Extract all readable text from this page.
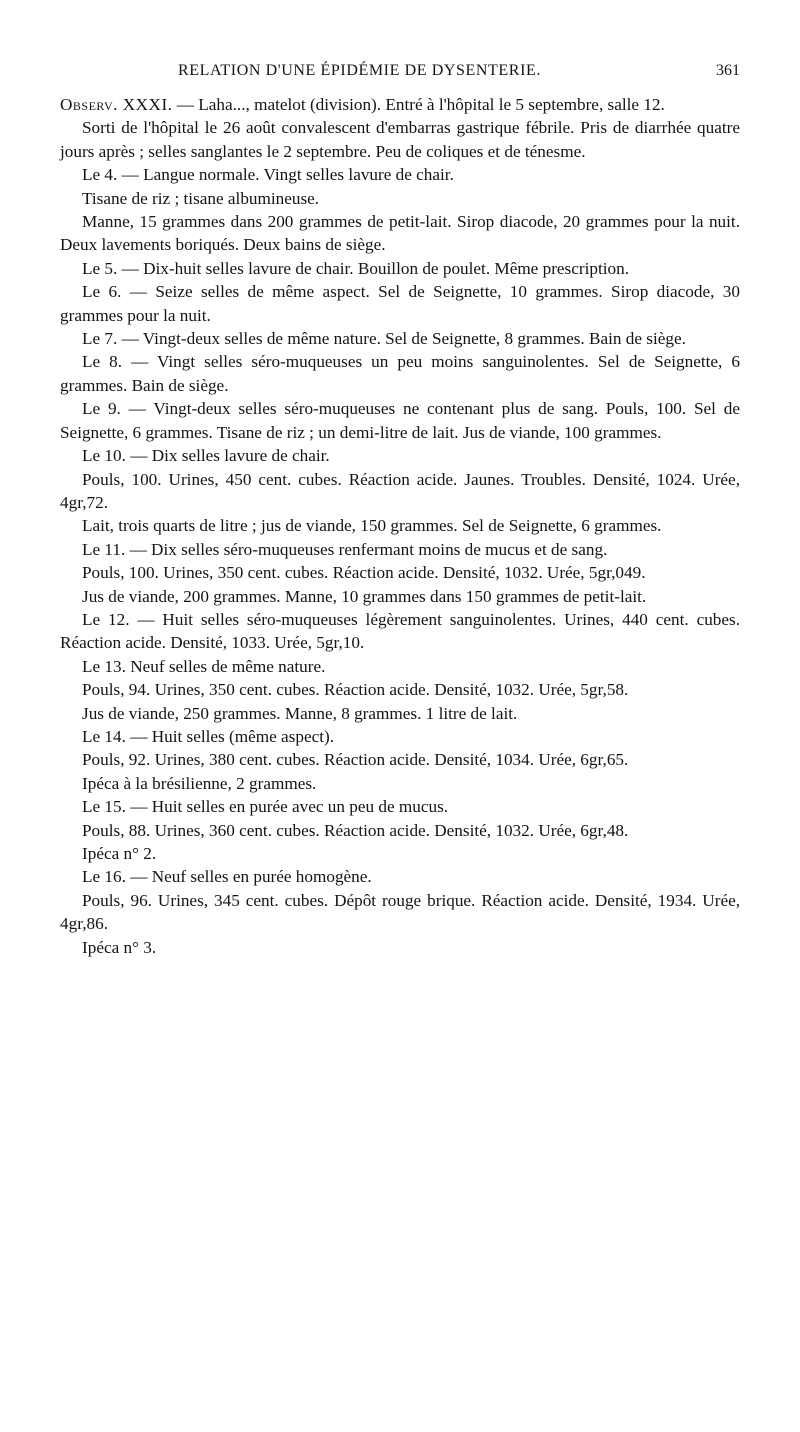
RELATION D'UNE ÉPIDÉMIE DE DYSENTERIE.	361

Observ. XXXI. — Laha..., matelot (division). Entré à l'hôpital le 5 septembre, salle 12.

Sorti de l'hôpital le 26 août convalescent d'embarras gastrique fébrile. Pris de diarrhée quatre jours après ; selles sanglantes le 2 septembre. Peu de coliques et de ténesme.

Le 4. — Langue normale. Vingt selles lavure de chair.

Tisane de riz ; tisane albumineuse.

Manne, 15 grammes dans 200 grammes de petit-lait. Sirop diacode, 20 grammes pour la nuit. Deux lavements boriqués. Deux bains de siège.

Le 5. — Dix-huit selles lavure de chair. Bouillon de poulet. Même prescription.

Le 6. — Seize selles de même aspect. Sel de Seignette, 10 grammes. Sirop diacode, 30 grammes pour la nuit.

Le 7. — Vingt-deux selles de même nature. Sel de Seignette, 8 grammes. Bain de siège.

Le 8. — Vingt selles séro-muqueuses un peu moins sanguinolentes. Sel de Seignette, 6 grammes. Bain de siège.

Le 9. — Vingt-deux selles séro-muqueuses ne contenant plus de sang. Pouls, 100. Sel de Seignette, 6 grammes. Tisane de riz ; un demi-litre de lait. Jus de viande, 100 grammes.

Le 10. — Dix selles lavure de chair.

Pouls, 100. Urines, 450 cent. cubes. Réaction acide. Jaunes. Troubles. Densité, 1024. Urée, 4gr,72.

Lait, trois quarts de litre ; jus de viande, 150 grammes. Sel de Seignette, 6 grammes.

Le 11. — Dix selles séro-muqueuses renfermant moins de mucus et de sang.

Pouls, 100. Urines, 350 cent. cubes. Réaction acide. Densité, 1032. Urée, 5gr,049.

Jus de viande, 200 grammes. Manne, 10 grammes dans 150 grammes de petit-lait.

Le 12. — Huit selles séro-muqueuses légèrement sanguinolentes. Urines, 440 cent. cubes. Réaction acide. Densité, 1033. Urée, 5gr,10.

Le 13. Neuf selles de même nature.

Pouls, 94. Urines, 350 cent. cubes. Réaction acide. Densité, 1032. Urée, 5gr,58.

Jus de viande, 250 grammes. Manne, 8 grammes. 1 litre de lait.

Le 14. — Huit selles (même aspect).

Pouls, 92. Urines, 380 cent. cubes. Réaction acide. Densité, 1034. Urée, 6gr,65.

Ipéca à la brésilienne, 2 grammes.

Le 15. — Huit selles en purée avec un peu de mucus.

Pouls, 88. Urines, 360 cent. cubes. Réaction acide. Densité, 1032. Urée, 6gr,48.

Ipéca n° 2.

Le 16. — Neuf selles en purée homogène.

Pouls, 96. Urines, 345 cent. cubes. Dépôt rouge brique. Réaction acide. Densité, 1934. Urée, 4gr,86.

Ipéca n° 3.
